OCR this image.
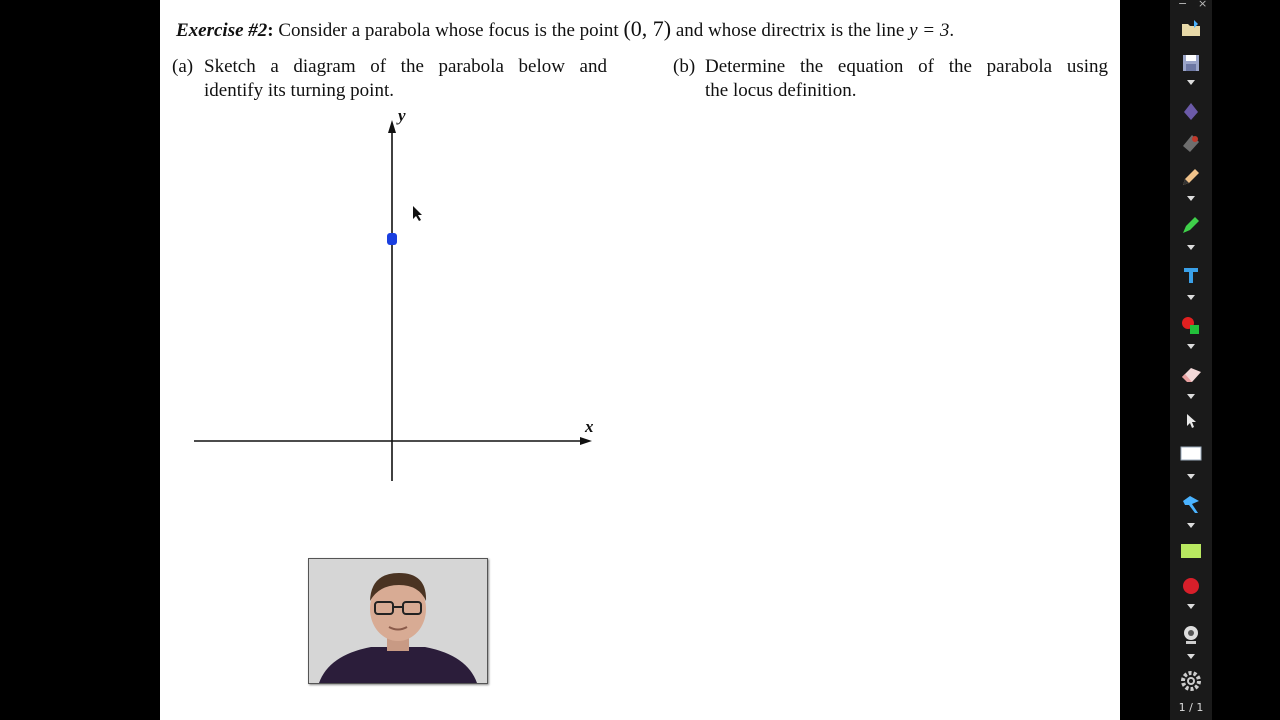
Exercise #2: Consider a parabola whose focus is the point (0, 7) and whose directrix is the line y = 3.
(a) Sketch a diagram of the parabola below and
identify its turning point.
(b) Determine the equation of the parabola using
the locus definition.
y
x
− ×
1 / 1
